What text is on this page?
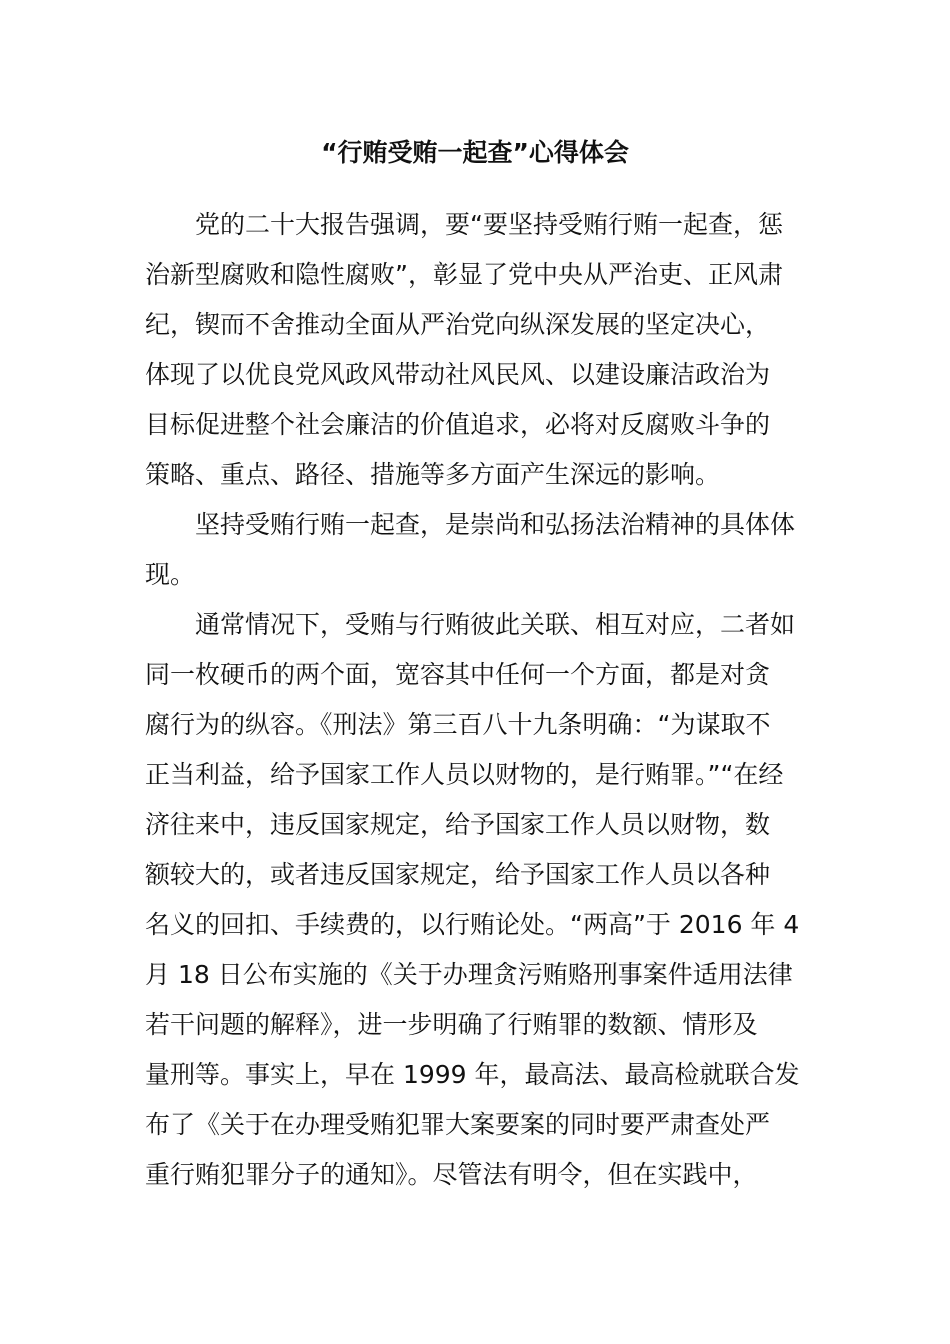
“行贿受贿一起查”心得体会

　　党的二十大报告强调，要“要坚持受贿行贿一起查，惩

治新型腐败和隐性腐败”，彰显了党中央从严治吏、正风肃

纪，锲而不舍推动全面从严治党向纵深发展的坚定决心，

体现了以优良党风政风带动社风民风、以建设廉洁政治为

目标促进整个社会廉洁的价值追求，必将对反腐败斗争的

策略、重点、路径、措施等多方面产生深远的影响。

　　坚持受贿行贿一起查，是崇尚和弘扬法治精神的具体体

现。

　　通常情况下，受贿与行贿彼此关联、相互对应，二者如

同一枚硬币的两个面，宽容其中任何一个方面，都是对贪

腐行为的纵容。《刑法》第三百八十九条明确：“为谋取不

正当利益，给予国家工作人员以财物的，是行贿罪。”“在经

济往来中，违反国家规定，给予国家工作人员以财物，数

额较大的，或者违反国家规定，给予国家工作人员以各种

名义的回扣、手续费的，以行贿论处。“两高”于 2016 年 4

月 18 日公布实施的《关于办理贪污贿赂刑事案件适用法律

若干问题的解释》，进一步明确了行贿罪的数额、情形及

量刑等。事实上，早在 1999 年，最高法、最高检就联合发

布了《关于在办理受贿犯罪大案要案的同时要严肃查处严

重行贿犯罪分子的通知》。尽管法有明令，但在实践中，
